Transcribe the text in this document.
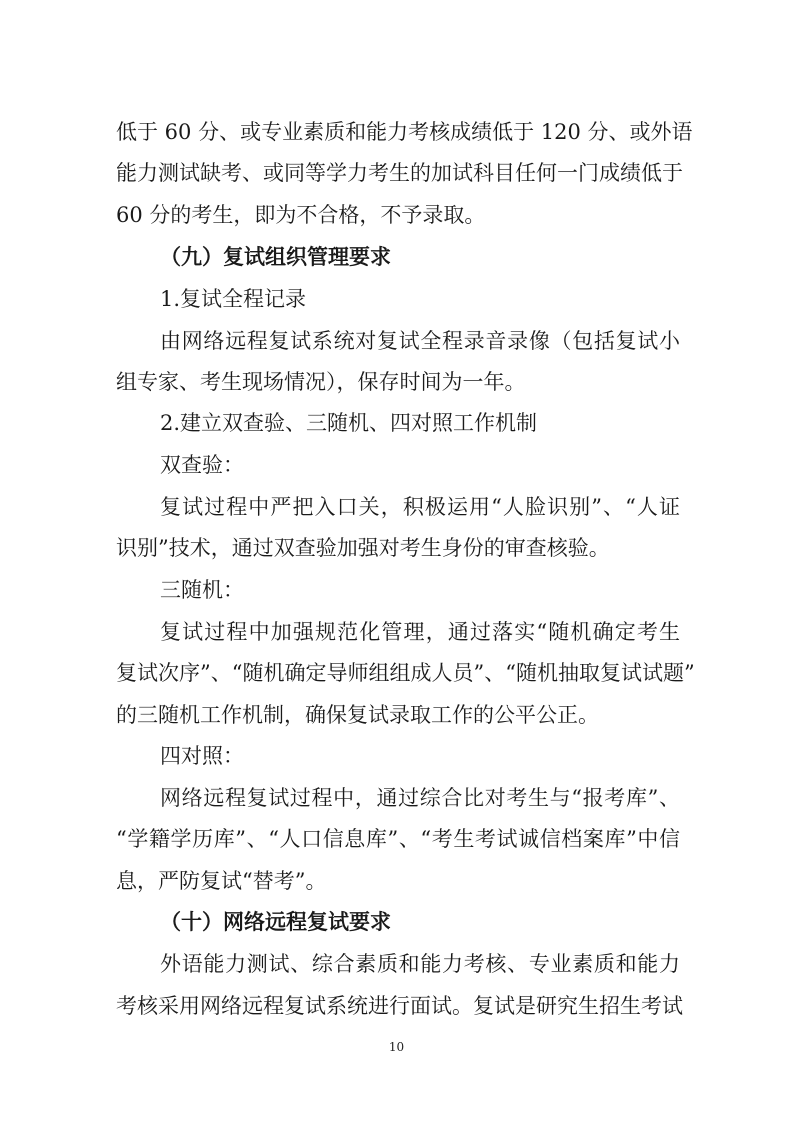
低于 60 分、或专业素质和能力考核成绩低于 120 分、或外语
能力测试缺考、或同等学力考生的加试科目任何一门成绩低于
60 分的考生，即为不合格，不予录取。
（九）复试组织管理要求
1.复试全程记录
由网络远程复试系统对复试全程录音录像（包括复试小
组专家、考生现场情况），保存时间为一年。
2.建立双查验、三随机、四对照工作机制
双查验：
复试过程中严把入口关，积极运用“人脸识别”、“人证
识别”技术，通过双查验加强对考生身份的审查核验。
三随机：
复试过程中加强规范化管理，通过落实“随机确定考生
复试次序”、“随机确定导师组组成人员”、“随机抽取复试试题”
的三随机工作机制，确保复试录取工作的公平公正。
四对照：
网络远程复试过程中，通过综合比对考生与“报考库”、
“学籍学历库”、“人口信息库”、“考生考试诚信档案库”中信
息，严防复试“替考”。
（十）网络远程复试要求
外语能力测试、综合素质和能力考核、专业素质和能力
考核采用网络远程复试系统进行面试。复试是研究生招生考试
10
